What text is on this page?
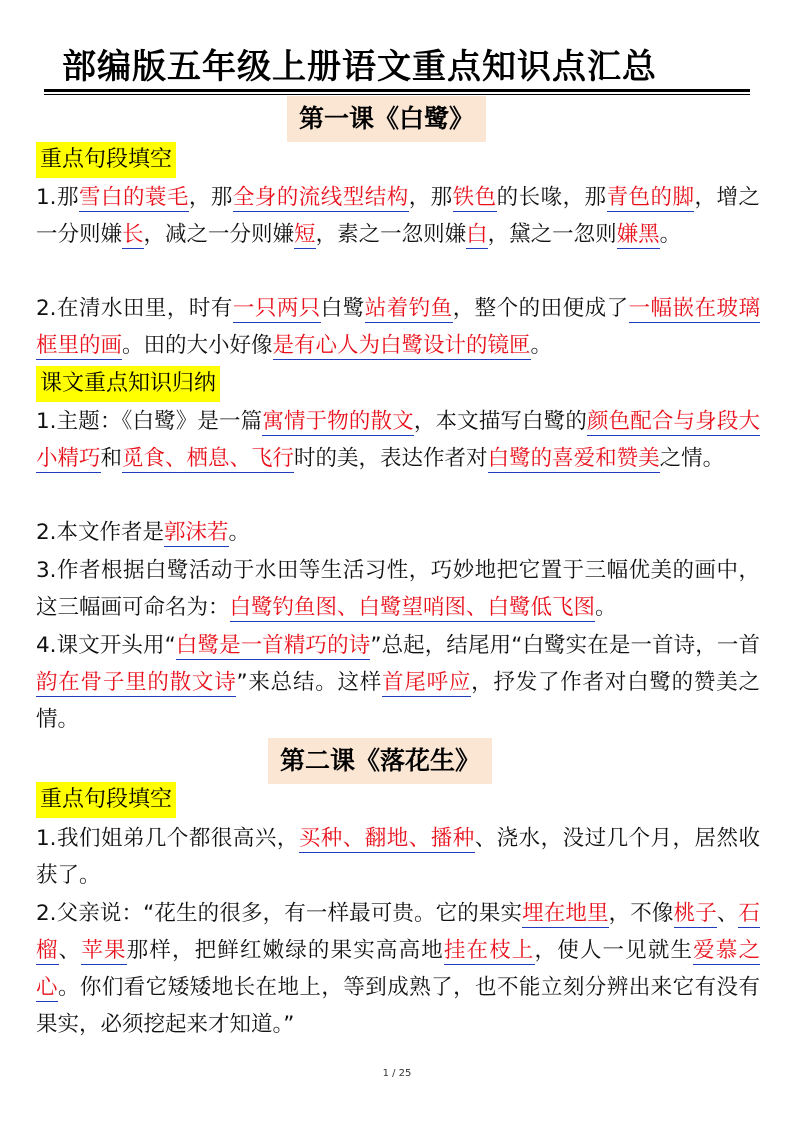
部编版五年级上册语文重点知识点汇总
第一课《白鹭》
重点句段填空

1.那雪白的蓑毛，那全身的流线型结构，那铁色的长喙，那青色的脚，增之一分则嫌长，减之一分则嫌短，素之一忽则嫌白，黛之一忽则嫌黑。

2.在清水田里，时有一只两只白鹭站着钓鱼，整个的田便成了一幅嵌在玻璃框里的画。田的大小好像是有心人为白鹭设计的镜匣。

课文重点知识归纳

1.主题：《白鹭》是一篇寓情于物的散文，本文描写白鹭的颜色配合与身段大小精巧和觅食、栖息、飞行时的美，表达作者对白鹭的喜爱和赞美之情。

2.本文作者是郭沫若。

3.作者根据白鹭活动于水田等生活习性，巧妙地把它置于三幅优美的画中，这三幅画可命名为：白鹭钓鱼图、白鹭望哨图、白鹭低飞图。

4.课文开头用“白鹭是一首精巧的诗”总起，结尾用“白鹭实在是一首诗，一首韵在骨子里的散文诗”来总结。这样首尾呼应，抒发了作者对白鹭的赞美之情。

第二课《落花生》
重点句段填空

1.我们姐弟几个都很高兴，买种、翻地、播种、浇水，没过几个月，居然收获了。

2.父亲说：“花生的很多，有一样最可贵。它的果实埋在地里，不像桃子、石榴、苹果那样，把鲜红嫩绿的果实高高地挂在枝上，使人一见就生爱慕之心。你们看它矮矮地长在地上，等到成熟了，也不能立刻分辨出来它有没有果实，必须挖起来才知道。”

1 / 25
